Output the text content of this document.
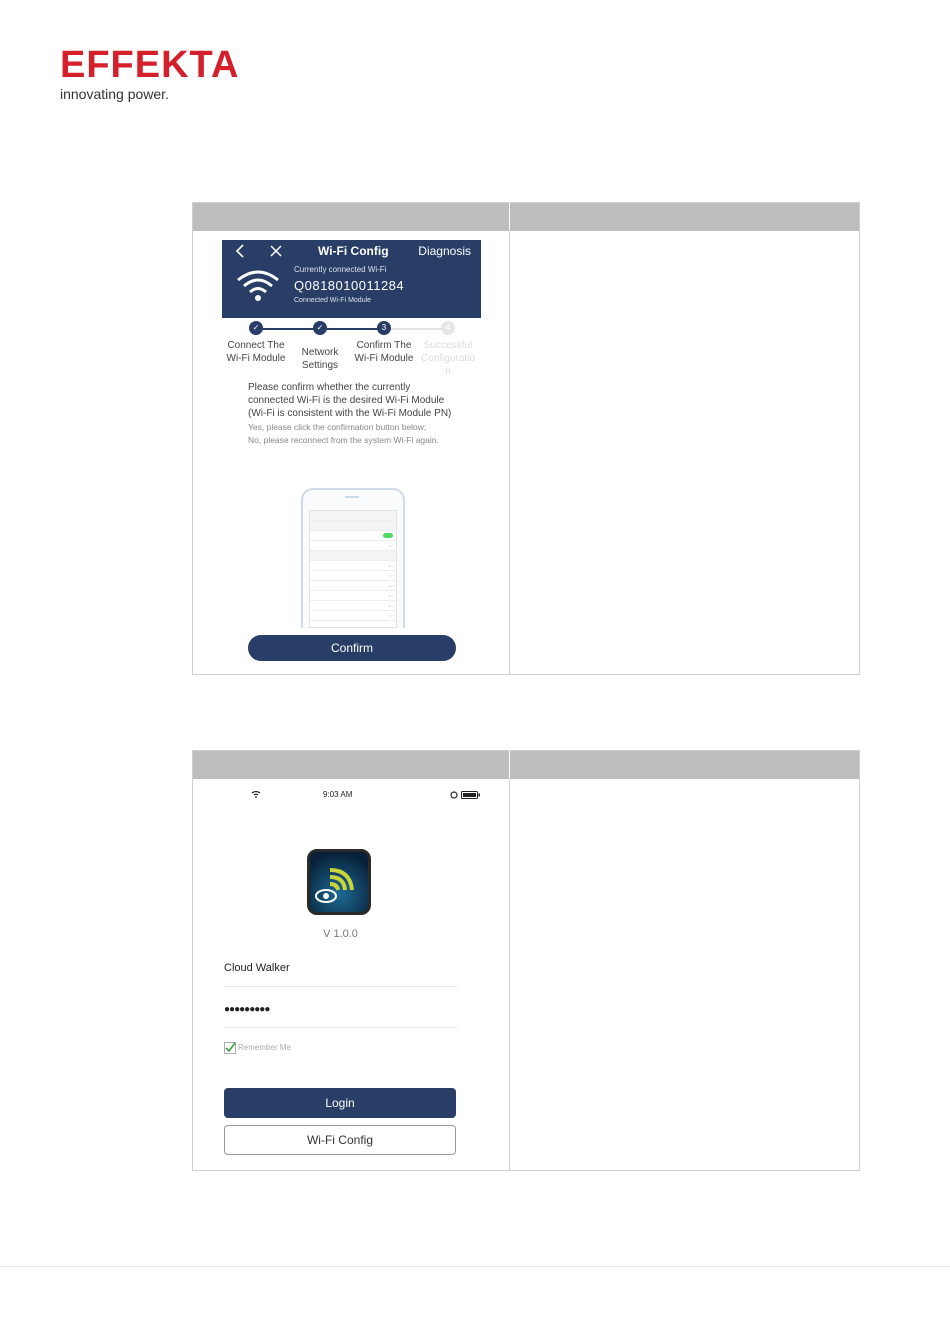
EFFEKTA
innovating power.
Wi-Fi Config Diagnosis
Currently connected Wi-Fi
Q0818010011284
Connected Wi-Fi Module
✓	✓	3	4
Connect The Wi-Fi Module
Network Settings
Confirm The Wi-Fi Module
Successful Configuratio n
Please confirm whether the currently connected Wi-Fi is the desired Wi-Fi Module (Wi-Fi is consistent with the Wi-Fi Module PN)
Yes, please click the confirmation button below;
No, please reconnect from the system Wi-Fi again.
• ◦
• ◦
• ◦
• ◦
• ◦
• ◦
• ◦
Confirm
9:03 AM
V 1.0.0
Cloud Walker
●●●●●●●●●
Remember Me
Login
Wi-Fi Config
